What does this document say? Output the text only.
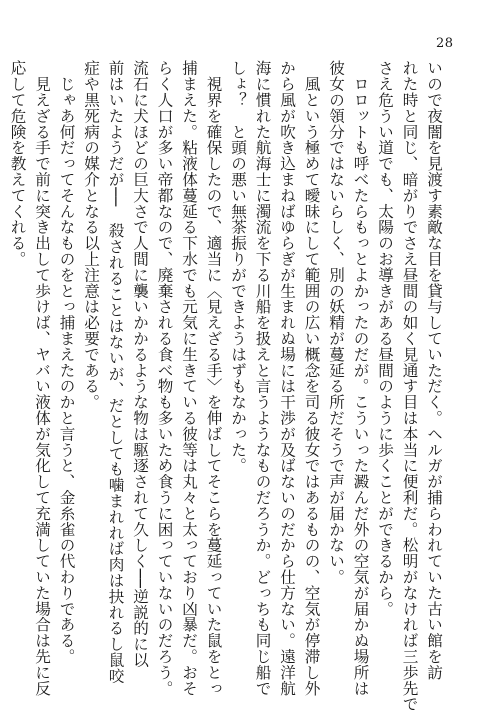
28
いので夜闇を見渡す素敵な目を貸与していただく。ヘルガが捕らわれていた古い館を訪
れた時と同じ、暗がりでさえ昼間の如く見通す目は本当に便利だ。松明がなければ三歩先で
さえ危うい道でも、太陽のお導きがある昼間のように歩くことができるから。
　ロロットも呼べたらもっとよかったのだが。こういった澱んだ外の空気が届かぬ場所は
彼女の領分ではないらしく、別の妖精が蔓延る所だそうで声が届かない。
　風という極めて曖昧にして範囲の広い概念を司る彼女ではあるものの、空気が停滞し外
から風が吹き込まねばゆらぎが生まれぬ場には干渉が及ばないのだから仕方ない。遠洋航
海に慣れた航海士に濁流を下る川船を扱えと言うようなものだろうか。どっちも同じ船で
しょ？　と頭の悪い無茶振りができようはずもなかった。
　視界を確保したので、適当に〈見えざる手〉を伸ばしてそこらを蔓延っていた鼠をとっ
捕まえた。粘液体蔓延る下水でも元気に生きている彼等は丸々と太っており凶暴だ。おそ
らく人口が多い帝都なので、廃棄される食べ物も多いため食うに困っていないのだろう。
流石に犬ほどの巨大さで人間に襲いかかるような物は駆逐されて久しく──逆説的に以
前はいたようだが──　殺されることはないが、だとしても噛まれれば肉は抉れるし鼠咬
症や黒死病の媒介となる以上注意は必要である。
　じゃあ何だってそんなものをとっ捕まえたのかと言うと、金糸雀の代わりである。
　見えざる手で前に突き出して歩けば、ヤバい液体が気化して充満していた場合は先に反
応して危険を教えてくれる。
